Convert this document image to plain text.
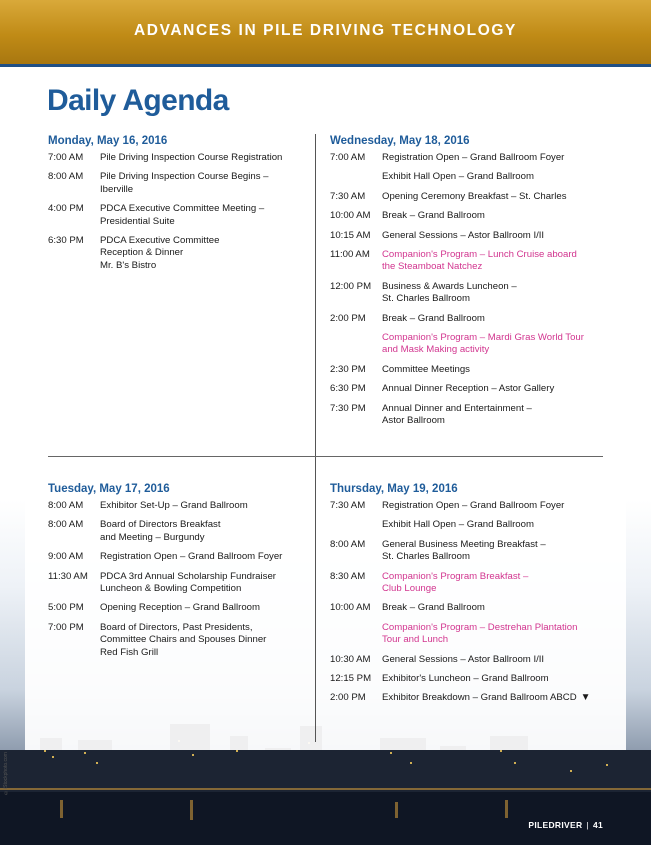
ADVANCES IN PILE DRIVING TECHNOLOGY
Daily Agenda
Monday, May 16, 2016
7:00 AM	Pile Driving Inspection Course Registration
8:00 AM	Pile Driving Inspection Course Begins –
Iberville
4:00 PM	PDCA Executive Committee Meeting –
Presidential Suite
6:30 PM	PDCA Executive Committee
Reception & Dinner
Mr. B's Bistro
Wednesday, May 18, 2016
7:00 AM	Registration Open – Grand Ballroom Foyer
Exhibit Hall Open – Grand Ballroom
7:30 AM	Opening Ceremony Breakfast – St. Charles
10:00 AM	Break – Grand Ballroom
10:15 AM	General Sessions – Astor Ballroom I/II
11:00 AM	Companion's Program – Lunch Cruise aboard
the Steamboat Natchez
12:00 PM	Business & Awards Luncheon –
St. Charles Ballroom
2:00 PM	Break – Grand Ballroom
Companion's Program – Mardi Gras World Tour
and Mask Making activity
2:30 PM	Committee Meetings
6:30 PM	Annual Dinner Reception – Astor Gallery
7:30 PM	Annual Dinner and Entertainment –
Astor Ballroom
Tuesday, May 17, 2016
8:00 AM	Exhibitor Set-Up – Grand Ballroom
8:00 AM	Board of Directors Breakfast
and Meeting – Burgundy
9:00 AM	Registration Open – Grand Ballroom Foyer
11:30 AM	PDCA 3rd Annual Scholarship Fundraiser
Luncheon & Bowling Competition
5:00 PM	Opening Reception – Grand Ballroom
7:00 PM	Board of Directors, Past Presidents,
Committee Chairs and Spouses Dinner
Red Fish Grill
Thursday, May 19, 2016
7:30 AM	Registration Open – Grand Ballroom Foyer
Exhibit Hall Open – Grand Ballroom
8:00 AM	General Business Meeting Breakfast –
St. Charles Ballroom
8:30 AM	Companion's Program Breakfast –
Club Lounge
10:00 AM	Break – Grand Ballroom
Companion's Program – Destrehan Plantation
Tour and Lunch
10:30 AM	General Sessions – Astor Ballroom I/II
12:15 PM	Exhibitor's Luncheon – Grand Ballroom
2:00 PM	Exhibitor Breakdown – Grand Ballroom ABCD ▼
©iStockphoto.com
PILEDRIVER | 41
